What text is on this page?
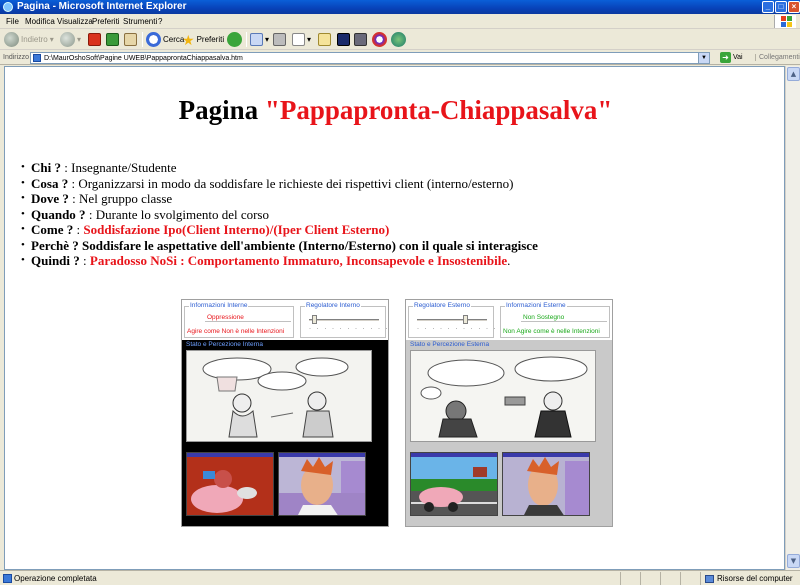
Pagina - Microsoft Internet Explorer	_	□	×
File Modifica Visualizza Preferiti Strumenti ?
Indietro ▾	▾	Cerca
★ Preferiti	▾	▾
Indirizzo D:\MaurOshoSoft\Pagine UWEB\PappaprontaChiappasalva.htm	▼	➜ Vai	Collegamenti
Pagina "Pappapronta-Chiappasalva"
• Chi ? : Insegnante/Studente
• Cosa ? : Organizzarsi in modo da soddisfare le richieste dei rispettivi client (interno/esterno)
• Dove ? : Nel gruppo classe
• Quando ? : Durante lo svolgimento del corso
• Come ? : Soddisfazione Ipo(Client Interno)/(Iper Client Esterno)
• Perchè ? Soddisfare le aspettative dell'ambiente (Interno/Esterno) con il quale si interagisce
• Quindi ? : Paradosso NoSi : Comportamento Immaturo, Inconsapevole e Insostenibile.
Informazioni Interne
Oppressione
Agire come Non è nelle Intenzioni
Regolatore Interno
· · · · · · · · · · ·
Stato e Percezione Interna
Regolatore Esterno
· · · · · · · · · · ·
Informazioni Esterne
Non Sostegno
Non Agire come è nelle Intenzioni
Stato e Percezione Esterna
▲
▼
Operazione completata	Risorse del computer
